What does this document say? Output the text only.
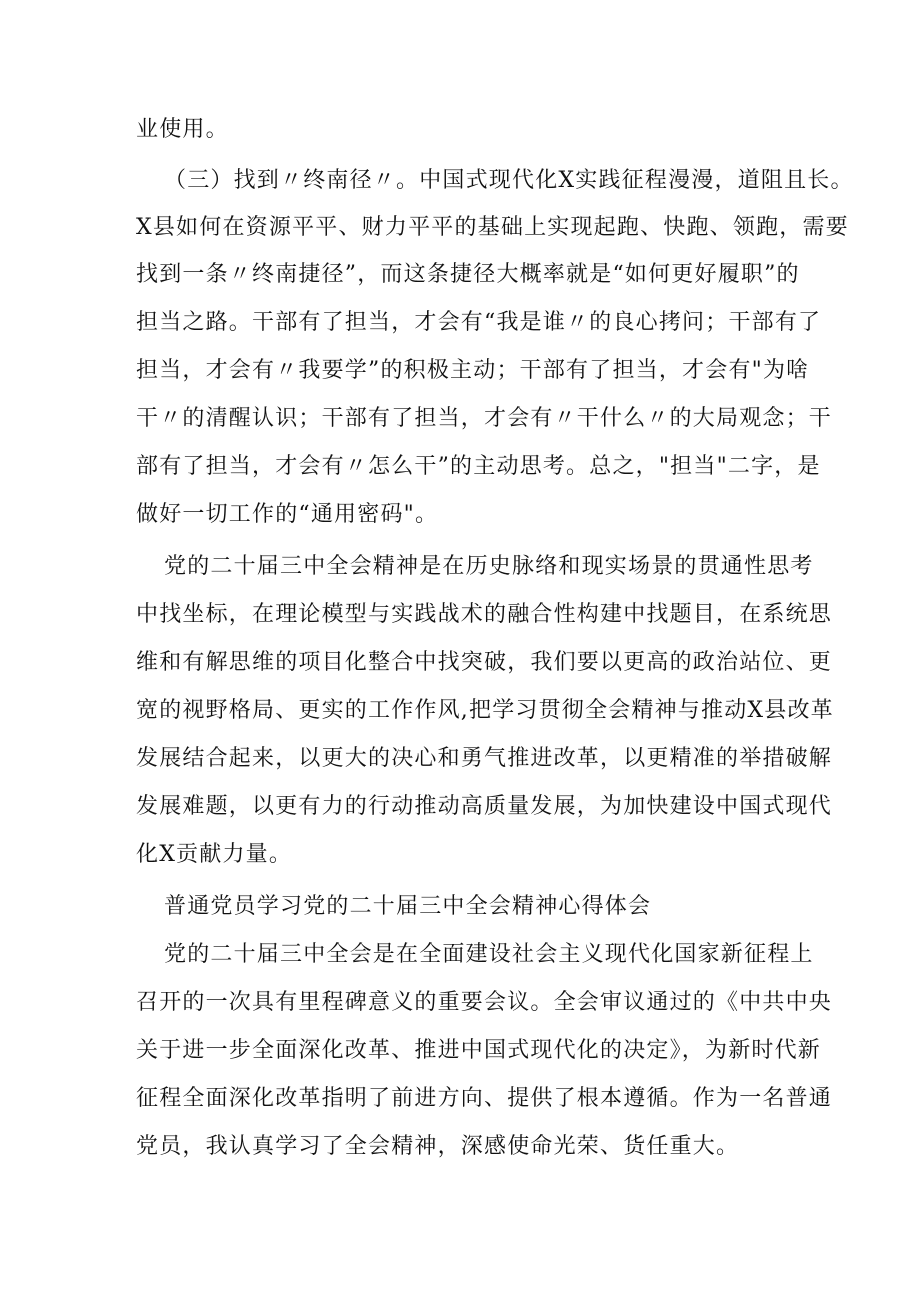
业使用。
（三）找到〃终南径〃。中国式现代化X实践征程漫漫，道阻且长。
X县如何在资源平平、财力平平的基础上实现起跑、快跑、领跑，需要
找到一条〃终南捷径”，而这条捷径大概率就是“如何更好履职”的
担当之路。干部有了担当，才会有“我是谁〃的良心拷问；干部有了
担当，才会有〃我要学”的积极主动；干部有了担当，才会有"为啥
干〃的清醒认识；干部有了担当，才会有〃干什么〃的大局观念；干
部有了担当，才会有〃怎么干”的主动思考。总之，"担当"二字，是
做好一切工作的“通用密码"。
党的二十届三中全会精神是在历史脉络和现实场景的贯通性思考
中找坐标，在理论模型与实践战术的融合性构建中找题目，在系统思
维和有解思维的项目化整合中找突破，我们要以更高的政治站位、更
宽的视野格局、更实的工作作风,把学习贯彻全会精神与推动X县改革
发展结合起来，以更大的决心和勇气推进改革，以更精准的举措破解
发展难题，以更有力的行动推动高质量发展，为加快建设中国式现代
化X贡献力量。
普通党员学习党的二十届三中全会精神心得体会
党的二十届三中全会是在全面建设社会主义现代化国家新征程上
召开的一次具有里程碑意义的重要会议。全会审议通过的《中共中央
关于进一步全面深化改革、推进中国式现代化的决定》，为新时代新
征程全面深化改革指明了前进方向、提供了根本遵循。作为一名普通
党员，我认真学习了全会精神，深感使命光荣、货任重大。
